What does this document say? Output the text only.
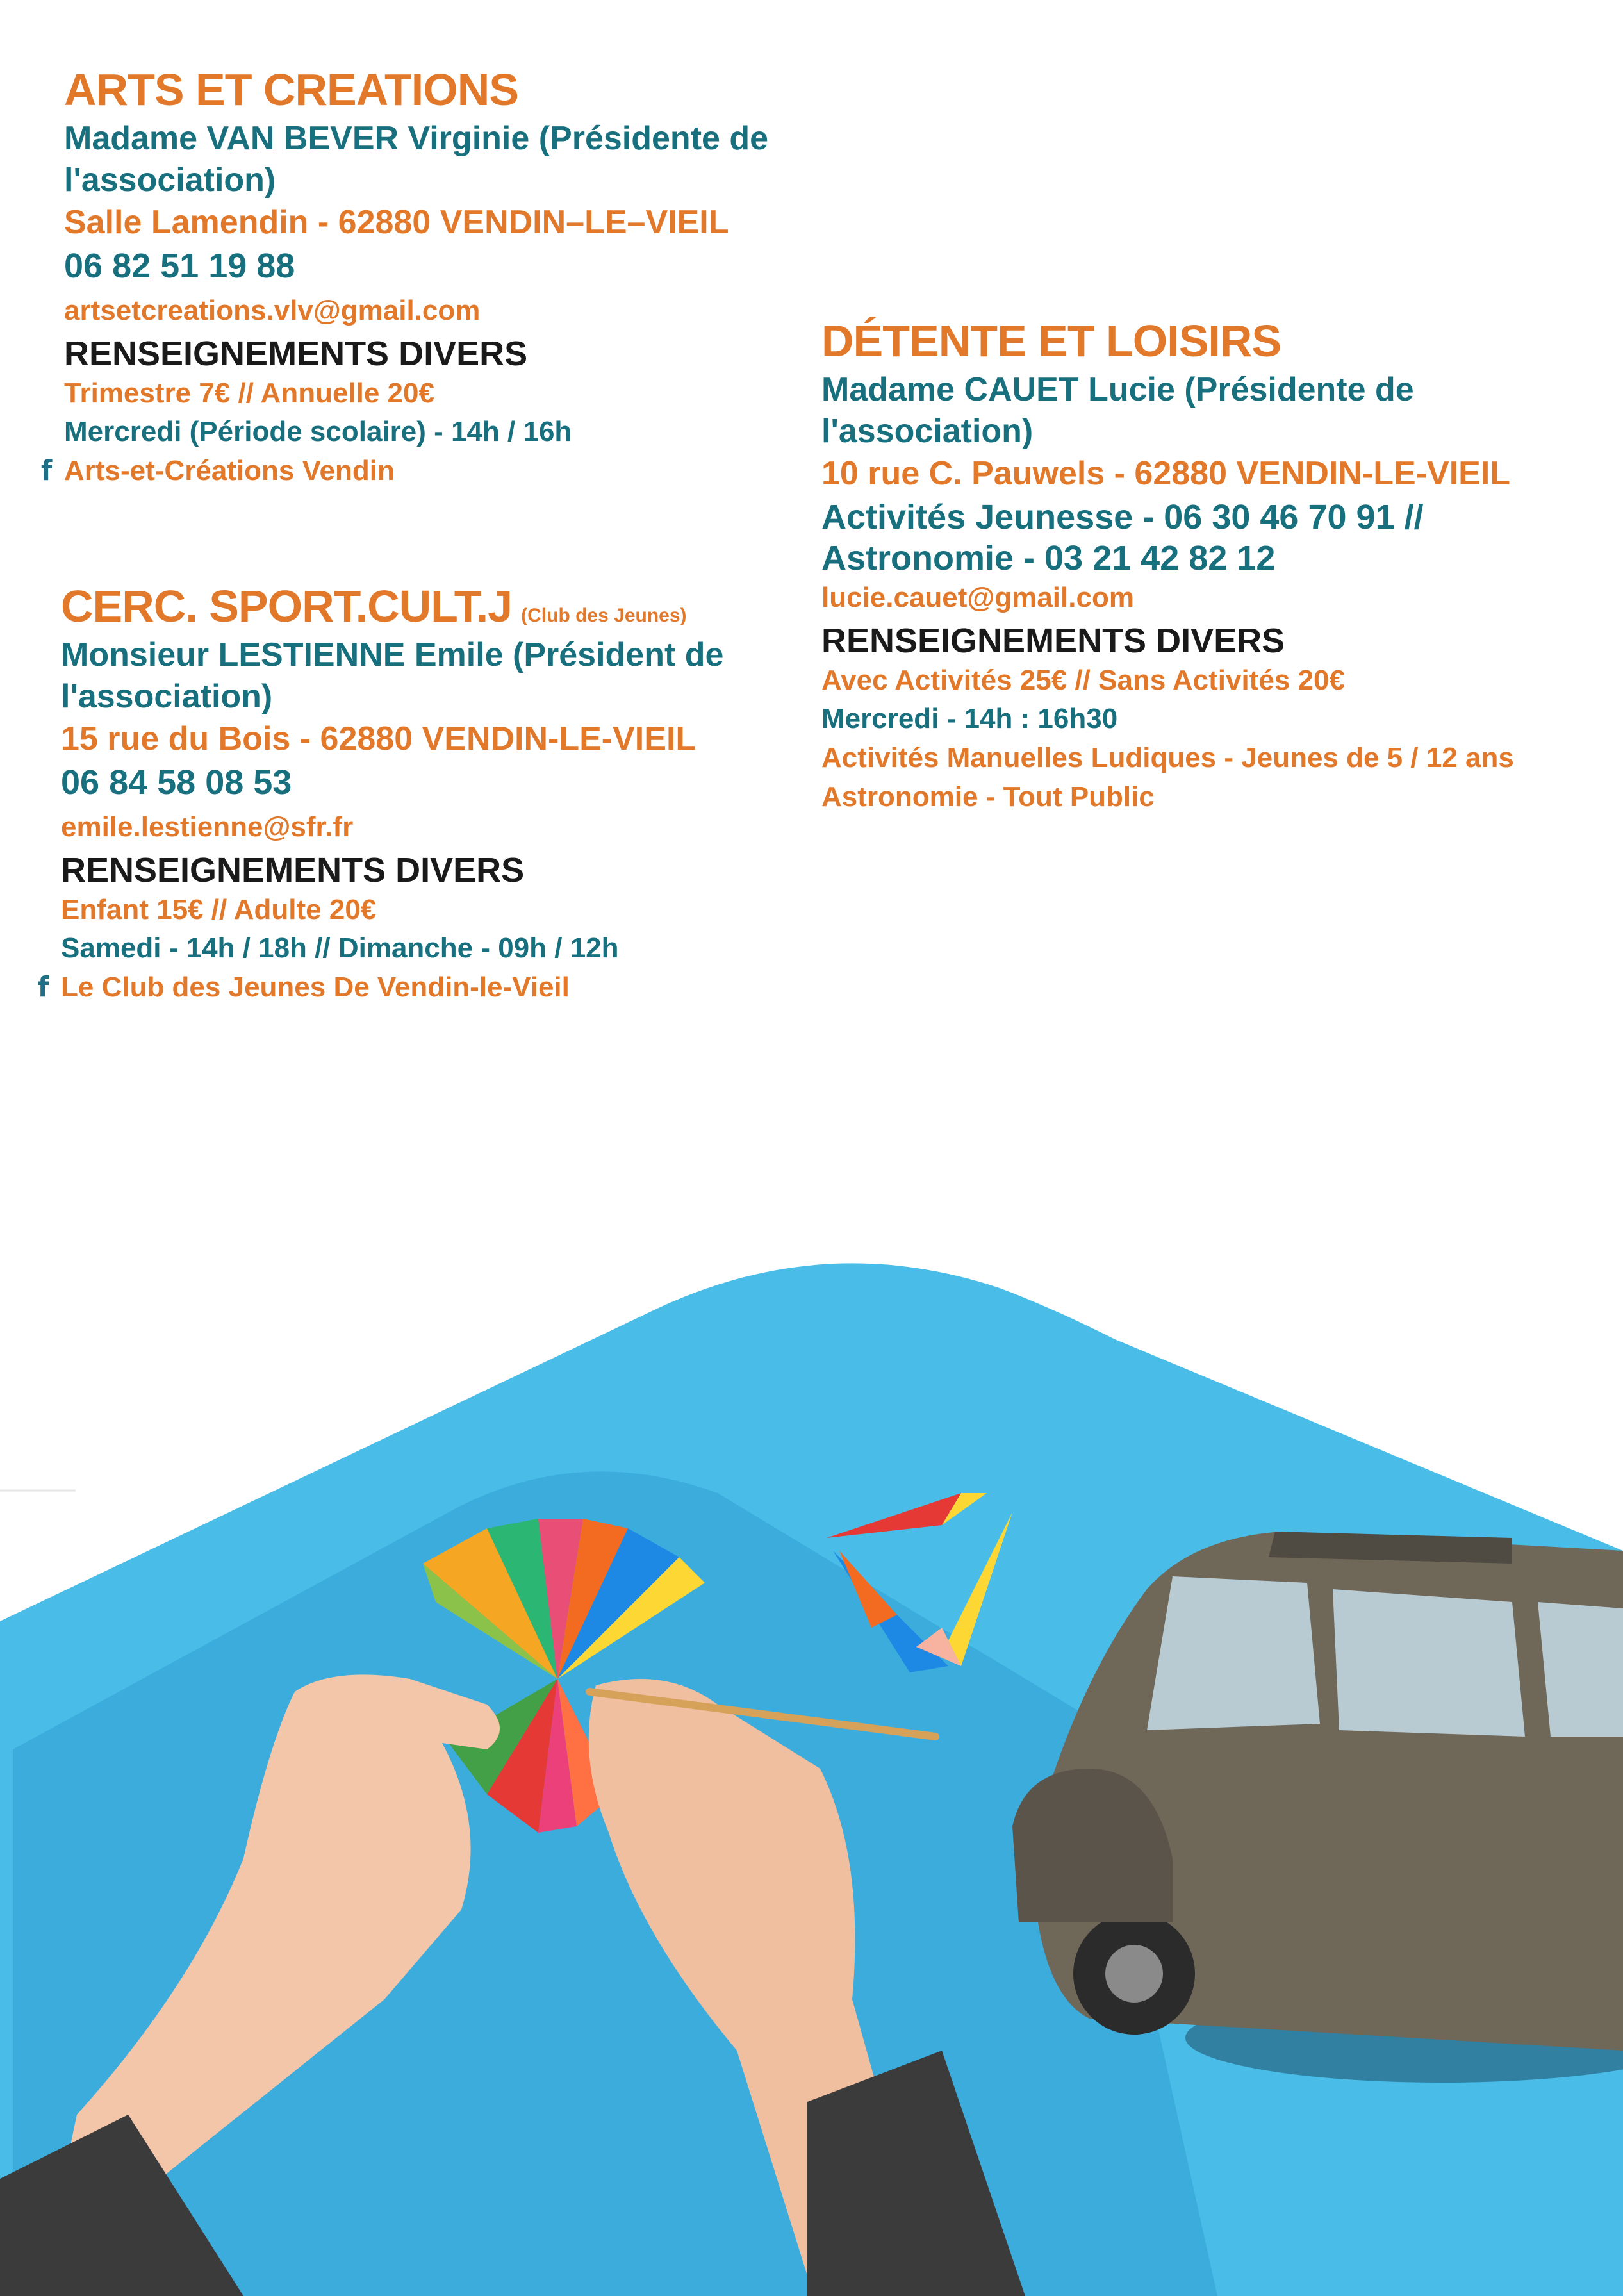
ARTS ET CREATIONS
Madame VAN BEVER Virginie (Présidente de
l'association)
Salle Lamendin - 62880 VENDIN–LE–VIEIL
06 82 51 19 88
artsetcreations.vlv@gmail.com
RENSEIGNEMENTS DIVERS
Trimestre 7€ // Annuelle 20€
Mercredi (Période scolaire) - 14h / 16h
f Arts-et-Créations Vendin
CERC. SPORT.CULT.J (Club des Jeunes)
Monsieur LESTIENNE Emile (Président de
l'association)
15 rue du Bois - 62880 VENDIN-LE-VIEIL
06 84 58 08 53
emile.lestienne@sfr.fr
RENSEIGNEMENTS DIVERS
Enfant 15€ // Adulte 20€
Samedi - 14h / 18h // Dimanche - 09h / 12h
f Le Club des Jeunes De Vendin-le-Vieil
DÉTENTE ET LOISIRS
Madame CAUET Lucie (Présidente de
l'association)
10 rue C. Pauwels - 62880 VENDIN-LE-VIEIL
Activités Jeunesse - 06 30 46 70 91 //
Astronomie - 03 21 42 82 12
lucie.cauet@gmail.com
RENSEIGNEMENTS DIVERS
Avec Activités 25€ // Sans Activités 20€
Mercredi - 14h : 16h30
Activités Manuelles Ludiques - Jeunes de 5 / 12 ans
Astronomie - Tout Public
